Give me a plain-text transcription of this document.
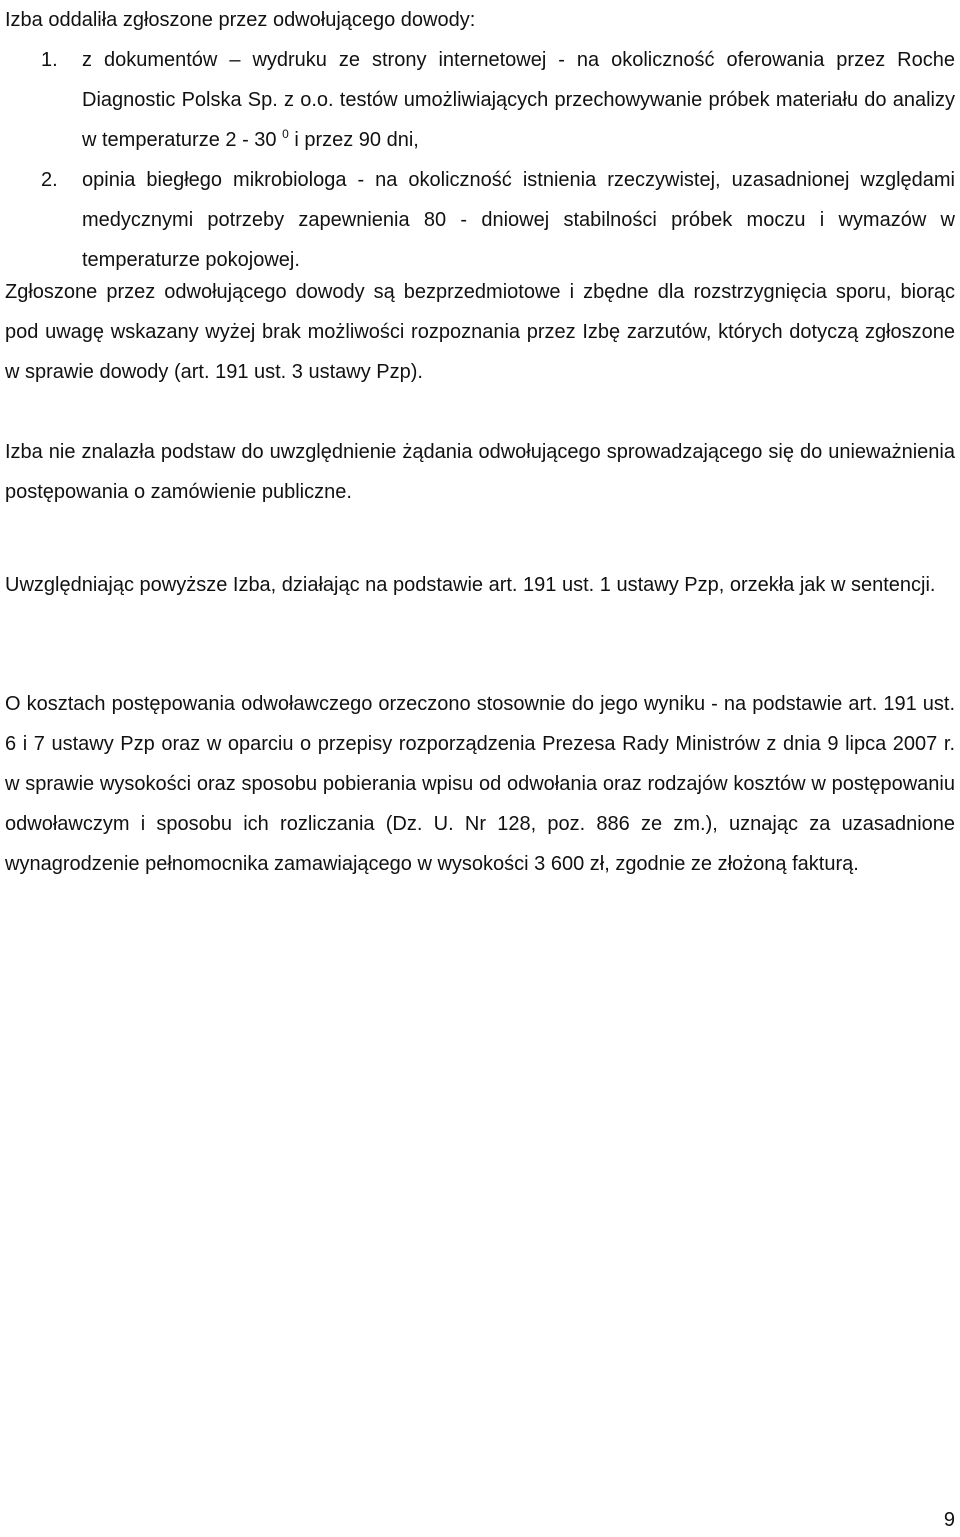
Izba oddaliła zgłoszone przez odwołującego dowody:

1. z dokumentów – wydruku ze strony internetowej - na okoliczność oferowania przez Roche Diagnostic Polska Sp. z o.o. testów umożliwiających przechowywanie próbek materiału do analizy w temperaturze 2 - 30 $^0$ i przez 90 dni,
2. opinia biegłego mikrobiologa - na okoliczność istnienia rzeczywistej, uzasadnionej względami medycznymi potrzeby zapewnienia 80 - dniowej stabilności próbek moczu i wymazów w temperaturze pokojowej.

Zgłoszone przez odwołującego dowody są bezprzedmiotowe i zbędne dla rozstrzygnięcia sporu, biorąc pod uwagę wskazany wyżej brak możliwości rozpoznania przez Izbę zarzutów, których dotyczą zgłoszone w sprawie dowody (art. 191 ust. 3 ustawy Pzp).

Izba nie znalazła podstaw do uwzględnienie żądania odwołującego sprowadzającego się do unieważnienia postępowania o zamówienie publiczne.

Uwzględniając powyższe Izba, działając na podstawie art. 191 ust. 1 ustawy Pzp, orzekła jak w sentencji.

O kosztach postępowania odwoławczego orzeczono stosownie do jego wyniku - na podstawie art. 191 ust. 6 i 7 ustawy Pzp oraz w oparciu o przepisy rozporządzenia Prezesa Rady Ministrów z dnia 9 lipca 2007 r. w sprawie wysokości oraz sposobu pobierania wpisu od odwołania oraz rodzajów kosztów w postępowaniu odwoławczym i sposobu ich rozliczania (Dz. U. Nr 128, poz. 886 ze zm.), uznając za uzasadnione wynagrodzenie pełnomocnika zamawiającego w wysokości 3 600 zł, zgodnie ze złożoną fakturą.

9
